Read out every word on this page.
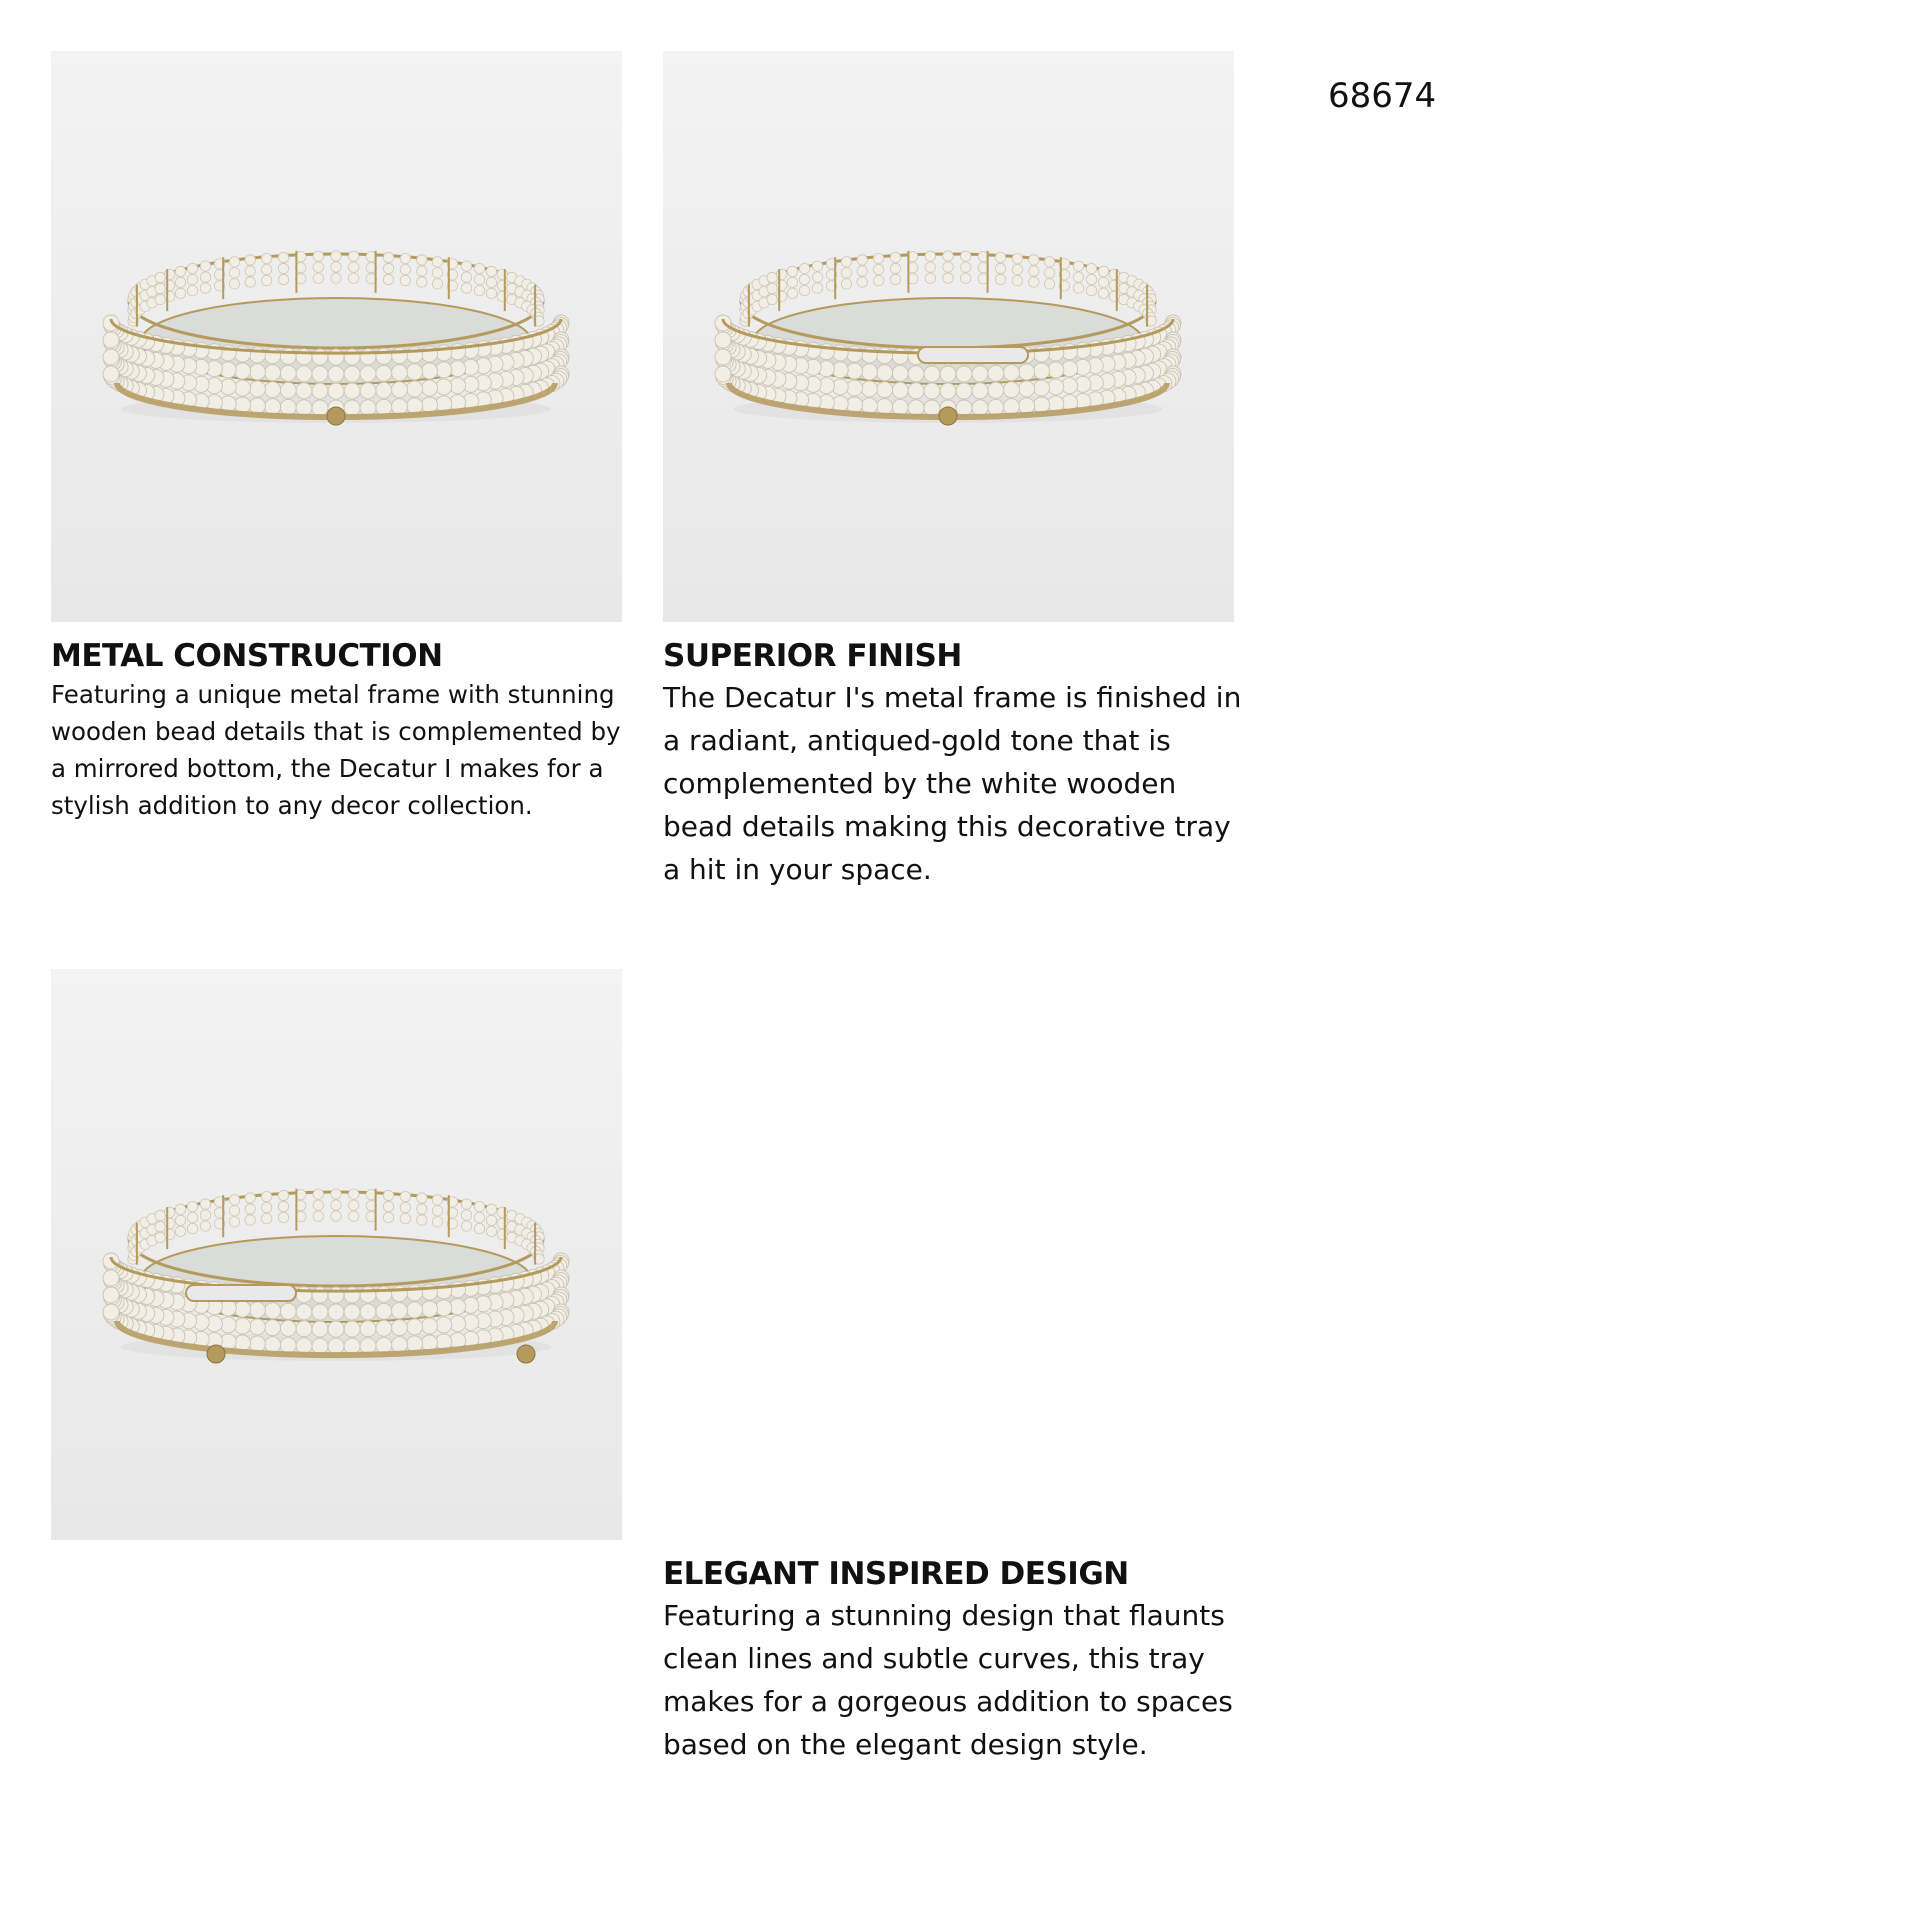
68674
METAL CONSTRUCTION

Featuring a unique metal frame with stunning wooden bead details that is complemented by a mirrored bottom, the Decatur I makes for a stylish addition to any decor collection.

SUPERIOR FINISH

The Decatur I's metal frame is finished in a radiant, antiqued-gold tone that is complemented by the white wooden bead details making this decorative tray a hit in your space.

ELEGANT INSPIRED DESIGN

Featuring a stunning design that flaunts clean lines and subtle curves, this tray makes for a gorgeous addition to spaces based on the elegant design style.
